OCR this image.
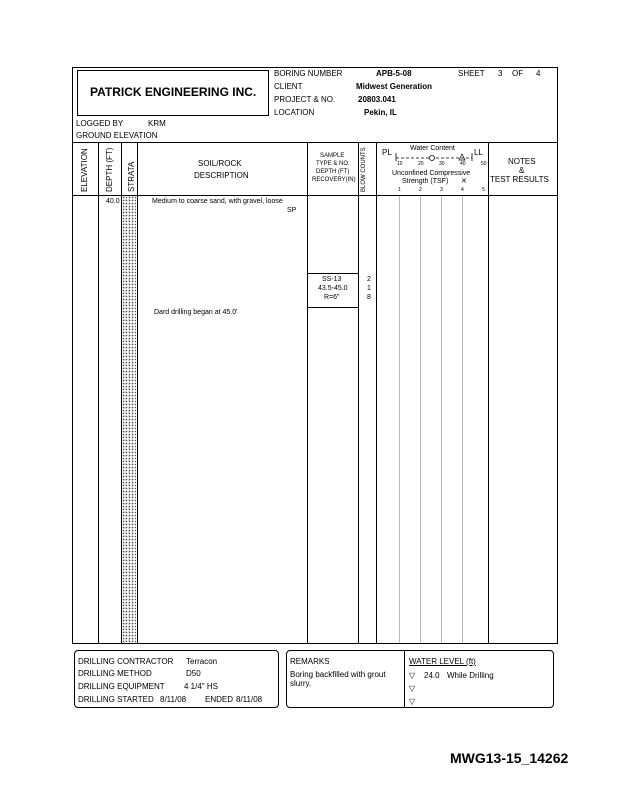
PATRICK ENGINEERING INC.
BORING NUMBER	APB-5-08	SHEET 3 OF 4
CLIENT	Midwest Generation
PROJECT & NO.	20803.041
LOCATION	Pekin, IL
LOGGED BY	KRM
GROUND ELEVATION
ELEVATION DEPTH (FT) STRATA	SOIL/ROCK
DESCRIPTION
SAMPLE
TYPE & NO.
DEPTH (FT)
RECOVERY(IN) BLOW COUNTS PL	Water Content LL
10	20	30	40	50
Unconfined Compressive
Strength (TSF) ✕
1	2	3	4	5
NOTES
&
TEST RESULTS
40.0	Medium to coarse sand, with gravel, loose
SP
SS-13
43.5-45.0
R=6"
2
1
8
Dard drilling began at 45.0'
DRILLING CONTRACTOR Terracon
DRILLING METHOD	D50
DRILLING EQUIPMENT 4 1/4" HS
DRILLING STARTED 8/11/08 ENDED 8/11/08
REMARKS
Boring backfilled with grout
slurry.
WATER LEVEL (ft)
▽ 24.0 While Drilling
▽
▽
MWG13-15_14262
